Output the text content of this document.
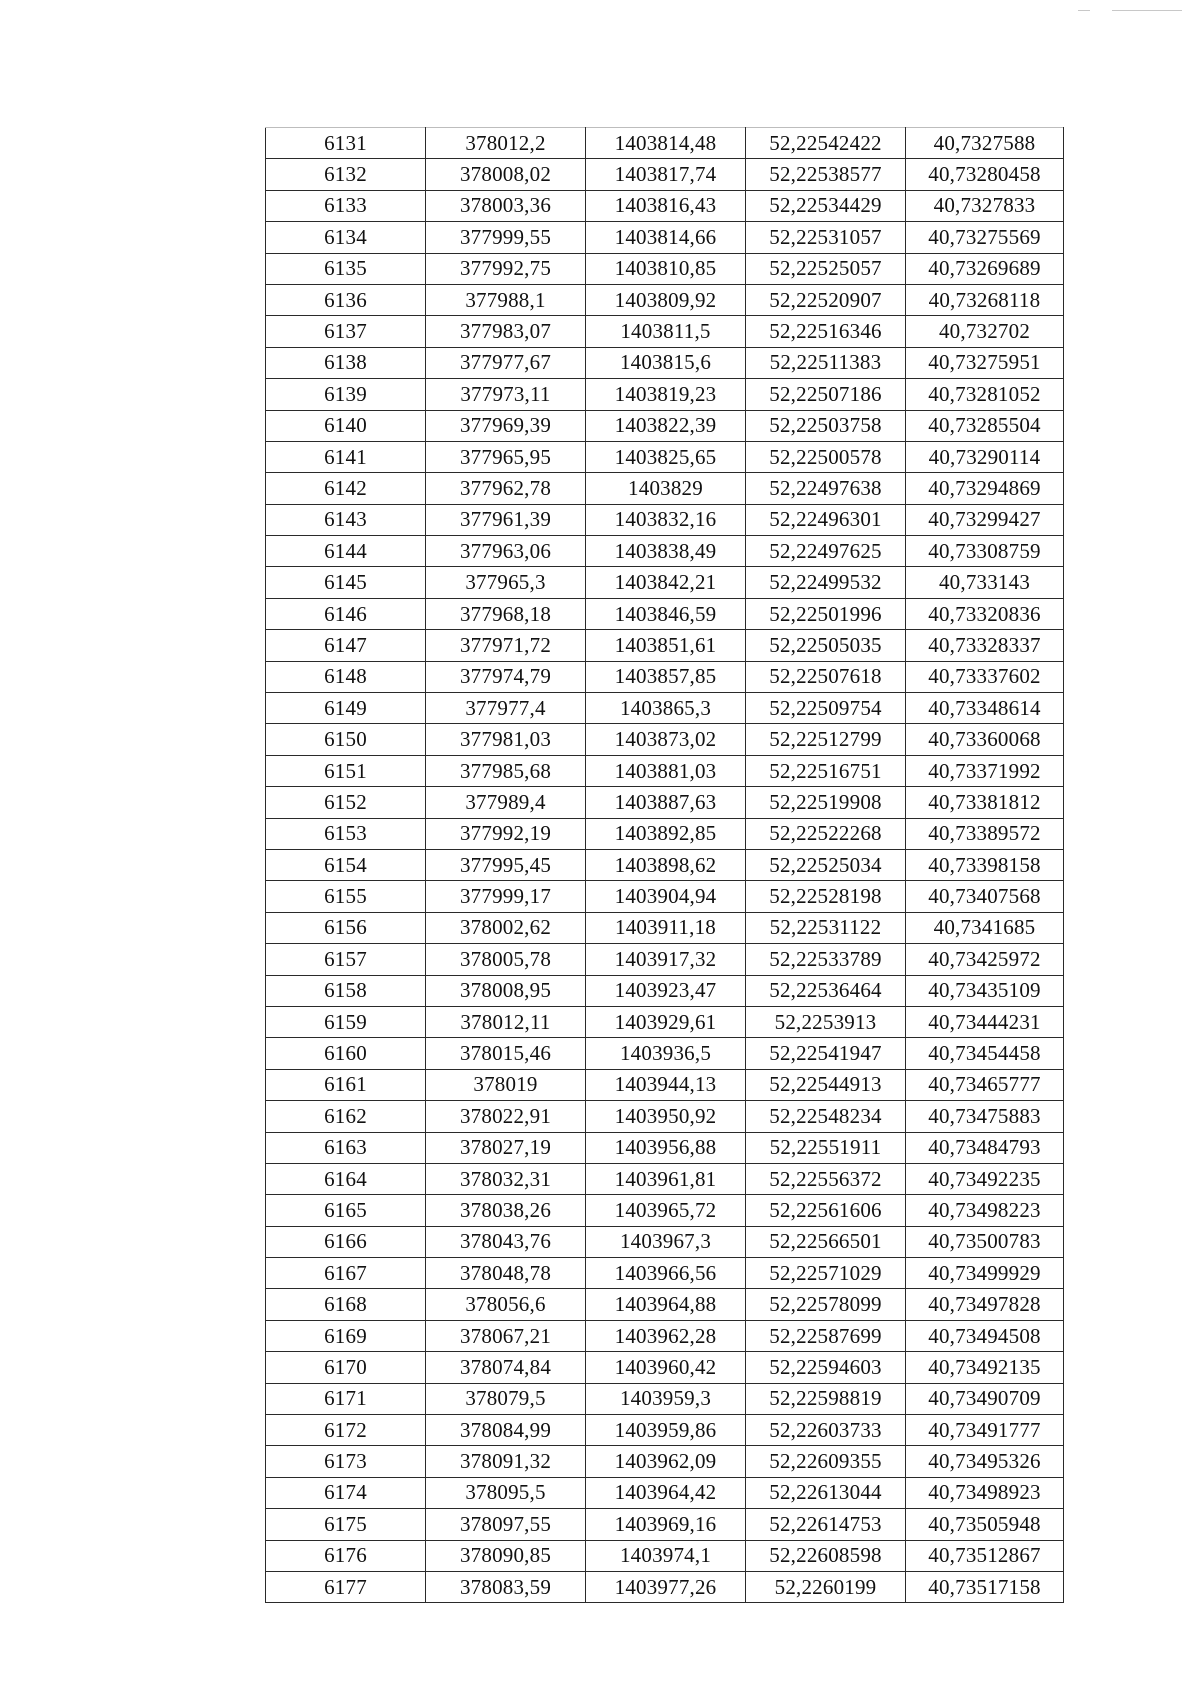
6131	378012,2	1403814,48	52,22542422	40,7327588
6132	378008,02	1403817,74	52,22538577	40,73280458
6133	378003,36	1403816,43	52,22534429	40,7327833
6134	377999,55	1403814,66	52,22531057	40,73275569
6135	377992,75	1403810,85	52,22525057	40,73269689
6136	377988,1	1403809,92	52,22520907	40,73268118
6137	377983,07	1403811,5	52,22516346	40,732702
6138	377977,67	1403815,6	52,22511383	40,73275951
6139	377973,11	1403819,23	52,22507186	40,73281052
6140	377969,39	1403822,39	52,22503758	40,73285504
6141	377965,95	1403825,65	52,22500578	40,73290114
6142	377962,78	1403829	52,22497638	40,73294869
6143	377961,39	1403832,16	52,22496301	40,73299427
6144	377963,06	1403838,49	52,22497625	40,73308759
6145	377965,3	1403842,21	52,22499532	40,733143
6146	377968,18	1403846,59	52,22501996	40,73320836
6147	377971,72	1403851,61	52,22505035	40,73328337
6148	377974,79	1403857,85	52,22507618	40,73337602
6149	377977,4	1403865,3	52,22509754	40,73348614
6150	377981,03	1403873,02	52,22512799	40,73360068
6151	377985,68	1403881,03	52,22516751	40,73371992
6152	377989,4	1403887,63	52,22519908	40,73381812
6153	377992,19	1403892,85	52,22522268	40,73389572
6154	377995,45	1403898,62	52,22525034	40,73398158
6155	377999,17	1403904,94	52,22528198	40,73407568
6156	378002,62	1403911,18	52,22531122	40,7341685
6157	378005,78	1403917,32	52,22533789	40,73425972
6158	378008,95	1403923,47	52,22536464	40,73435109
6159	378012,11	1403929,61	52,2253913	40,73444231
6160	378015,46	1403936,5	52,22541947	40,73454458
6161	378019	1403944,13	52,22544913	40,73465777
6162	378022,91	1403950,92	52,22548234	40,73475883
6163	378027,19	1403956,88	52,22551911	40,73484793
6164	378032,31	1403961,81	52,22556372	40,73492235
6165	378038,26	1403965,72	52,22561606	40,73498223
6166	378043,76	1403967,3	52,22566501	40,73500783
6167	378048,78	1403966,56	52,22571029	40,73499929
6168	378056,6	1403964,88	52,22578099	40,73497828
6169	378067,21	1403962,28	52,22587699	40,73494508
6170	378074,84	1403960,42	52,22594603	40,73492135
6171	378079,5	1403959,3	52,22598819	40,73490709
6172	378084,99	1403959,86	52,22603733	40,73491777
6173	378091,32	1403962,09	52,22609355	40,73495326
6174	378095,5	1403964,42	52,22613044	40,73498923
6175	378097,55	1403969,16	52,22614753	40,73505948
6176	378090,85	1403974,1	52,22608598	40,73512867
6177	378083,59	1403977,26	52,2260199	40,73517158
